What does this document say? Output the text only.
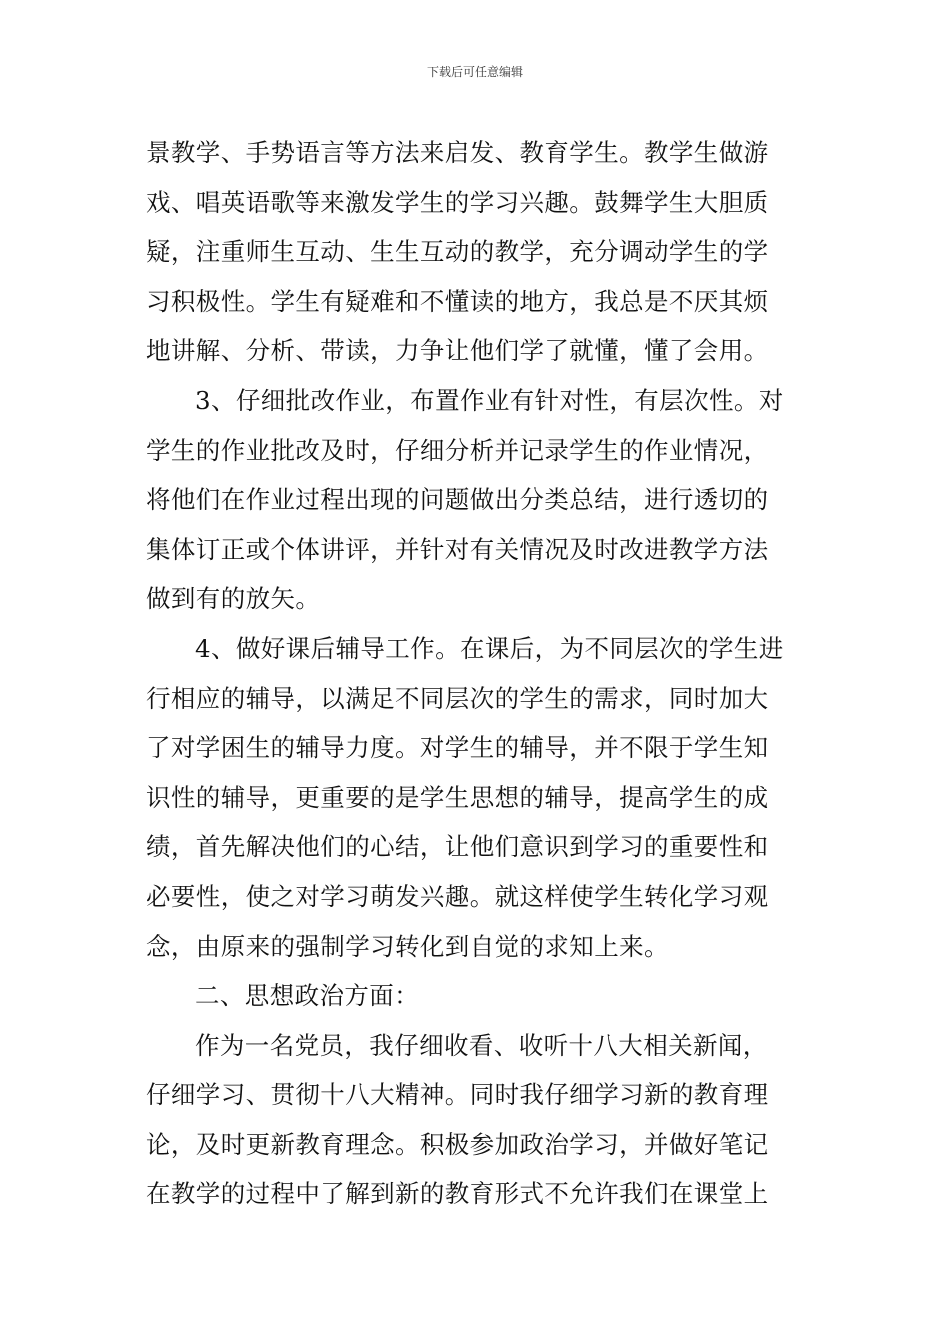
下载后可任意编辑
景教学、手势语言等方法来启发、教育学生。教学生做游
戏、唱英语歌等来激发学生的学习兴趣。鼓舞学生大胆质
疑，注重师生互动、生生互动的教学，充分调动学生的学
习积极性。学生有疑难和不懂读的地方，我总是不厌其烦
地讲解、分析、带读，力争让他们学了就懂，懂了会用。
3、仔细批改作业，布置作业有针对性，有层次性。对
学生的作业批改及时，仔细分析并记录学生的作业情况，
将他们在作业过程出现的问题做出分类总结，进行透切的
集体订正或个体讲评，并针对有关情况及时改进教学方法
做到有的放矢。
4、做好课后辅导工作。在课后，为不同层次的学生进
行相应的辅导，以满足不同层次的学生的需求，同时加大
了对学困生的辅导力度。对学生的辅导，并不限于学生知
识性的辅导，更重要的是学生思想的辅导，提高学生的成
绩，首先解决他们的心结，让他们意识到学习的重要性和
必要性，使之对学习萌发兴趣。就这样使学生转化学习观
念，由原来的强制学习转化到自觉的求知上来。
二、思想政治方面：
作为一名党员，我仔细收看、收听十八大相关新闻，
仔细学习、贯彻十八大精神。同时我仔细学习新的教育理
论，及时更新教育理念。积极参加政治学习，并做好笔记
在教学的过程中了解到新的教育形式不允许我们在课堂上
